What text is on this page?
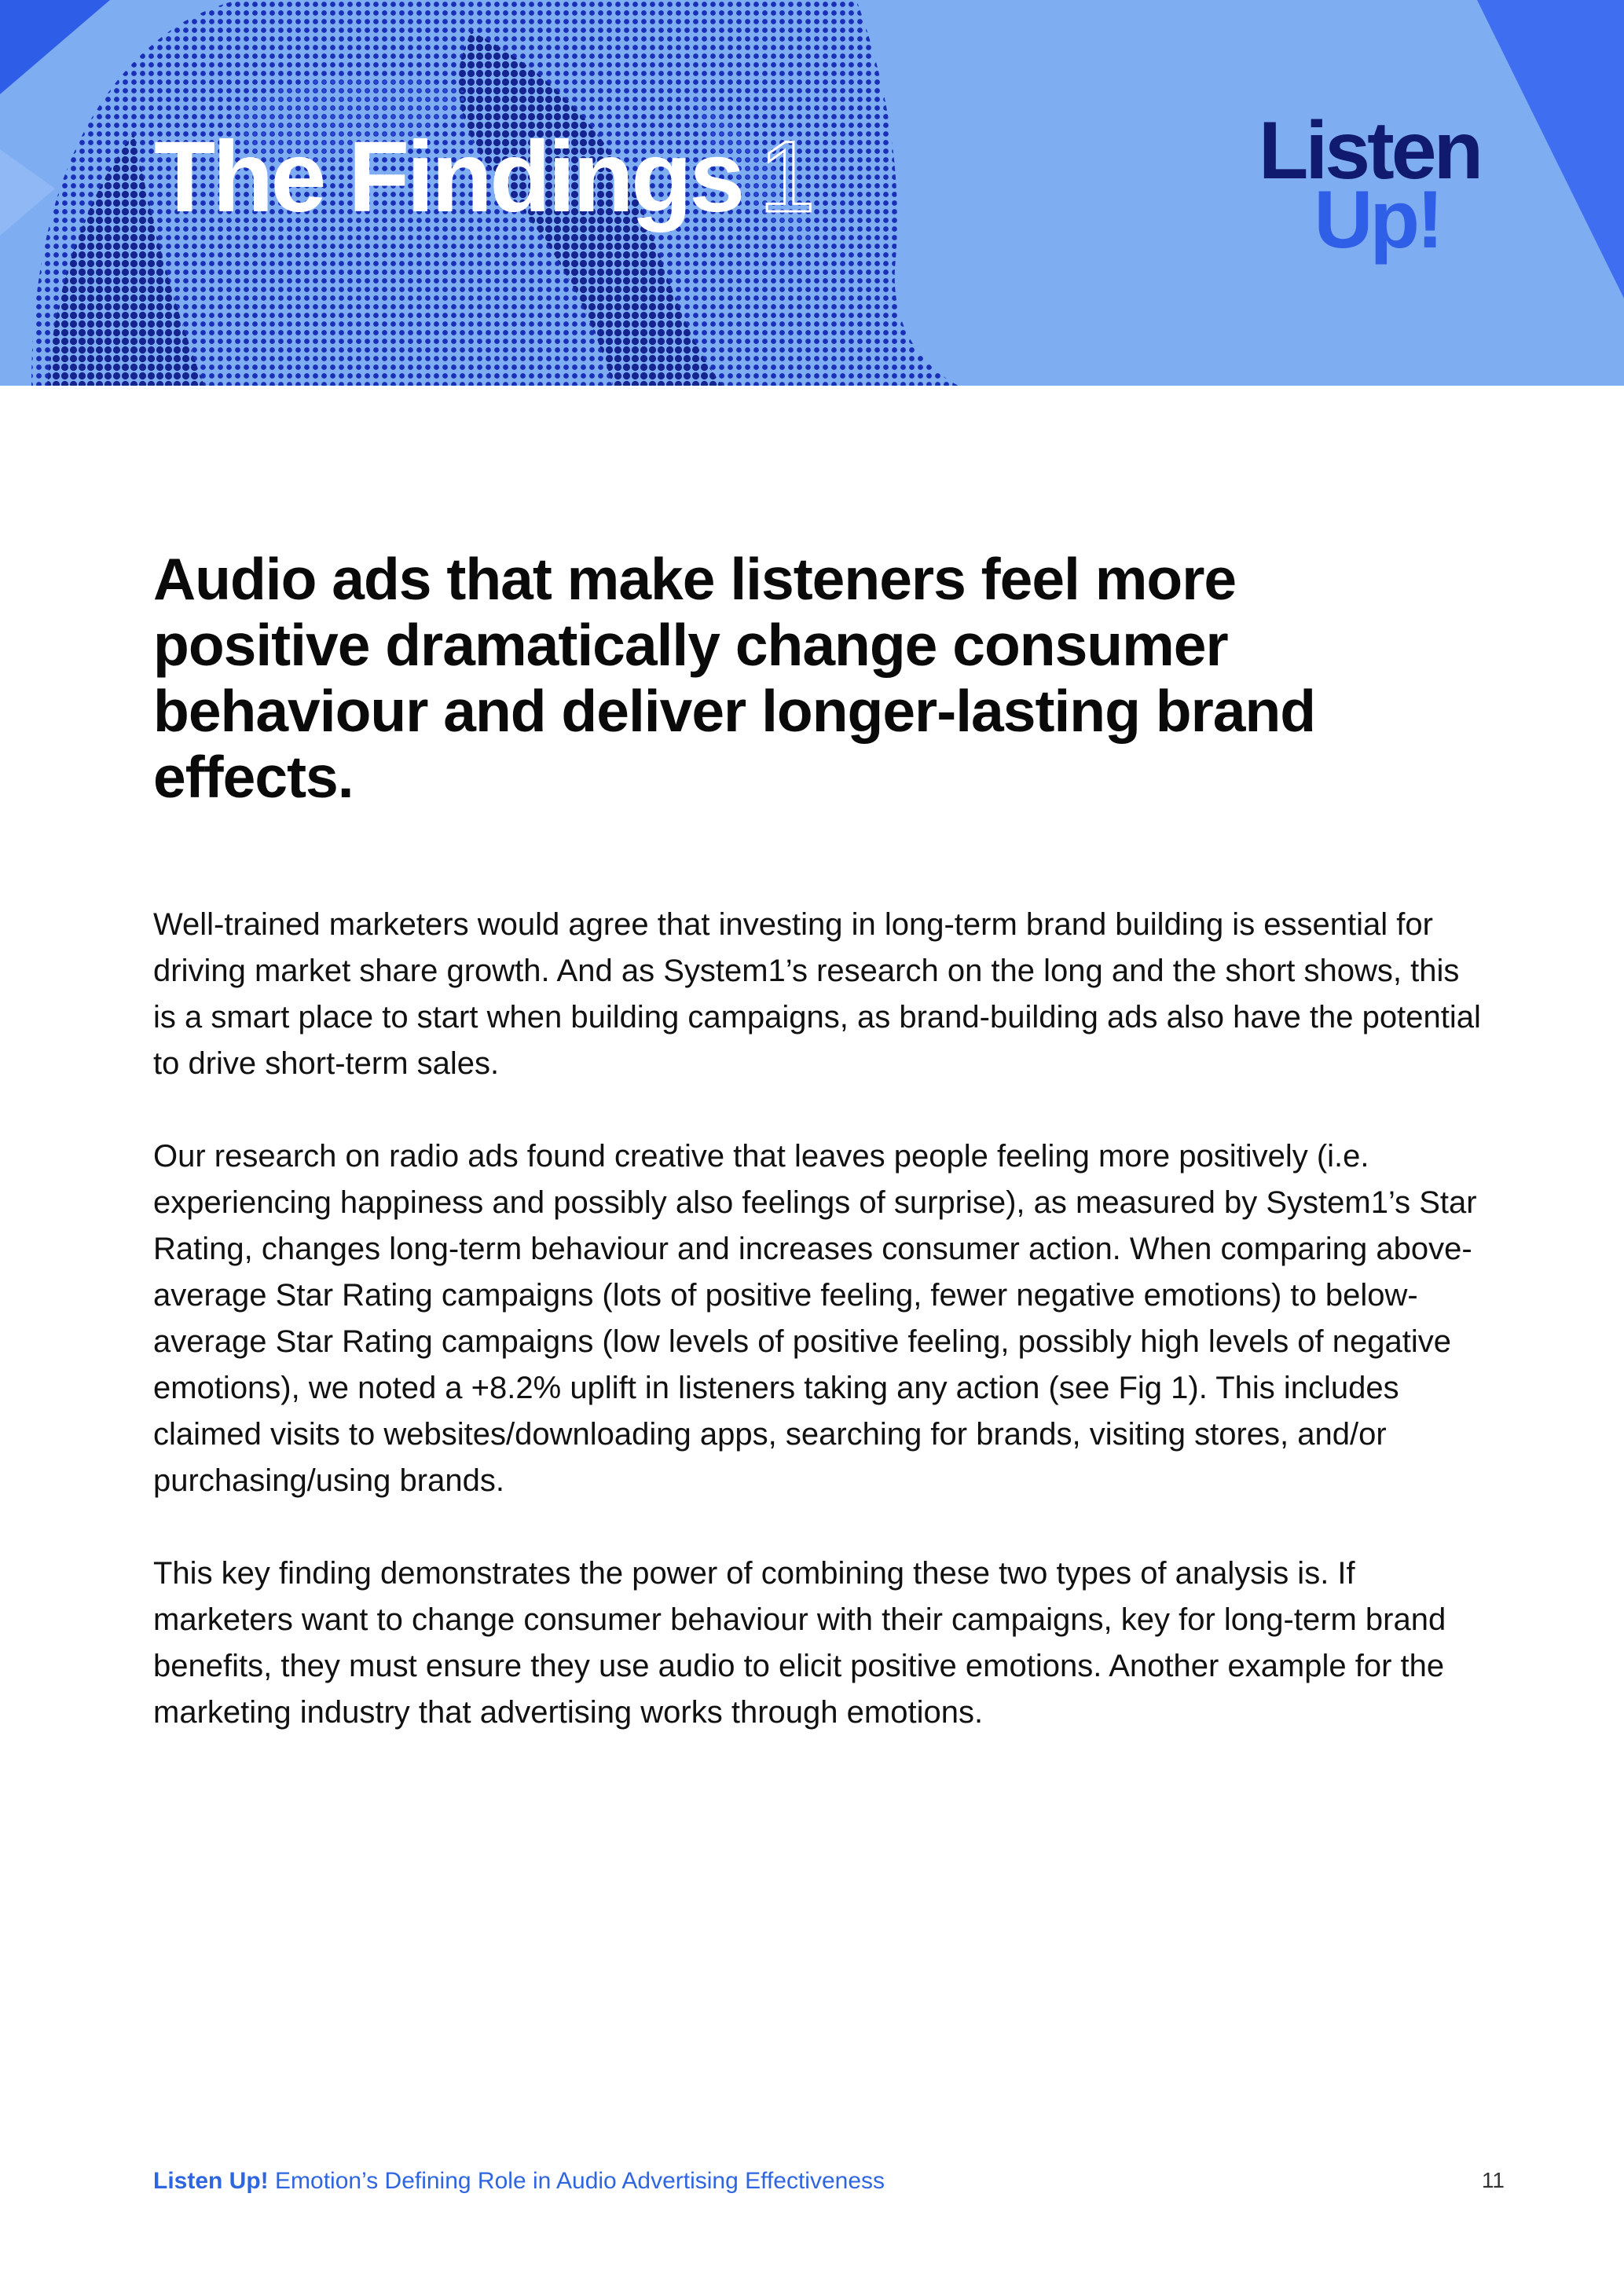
The Findings 1	Listen
Up!
Audio ads that make listeners feel more positive dramatically change consumer behaviour and deliver longer-lasting brand effects.

Well-trained marketers would agree that investing in long-term brand building is essential for driving market share growth. And as System1’s research on the long and the short shows, this is a smart place to start when building campaigns, as brand-building ads also have the potential to drive short-term sales.

Our research on radio ads found creative that leaves people feeling more positively (i.e. experiencing happiness and possibly also feelings of surprise), as measured by System1’s Star Rating, changes long-term behaviour and increases consumer action. When comparing above-average Star Rating campaigns (lots of positive feeling, fewer negative emotions) to below-average Star Rating campaigns (low levels of positive feeling, possibly high levels of negative emotions), we noted a +8.2% uplift in listeners taking any action (see Fig 1). This includes claimed visits to websites/downloading apps, searching for brands, visiting stores, and/or purchasing/using brands.

This key finding demonstrates the power of combining these two types of analysis is. If marketers want to change consumer behaviour with their campaigns, key for long-term brand benefits, they must ensure they use audio to elicit positive emotions. Another example for the marketing industry that advertising works through emotions.

Listen Up! Emotion’s Defining Role in Audio Advertising Effectiveness	11
